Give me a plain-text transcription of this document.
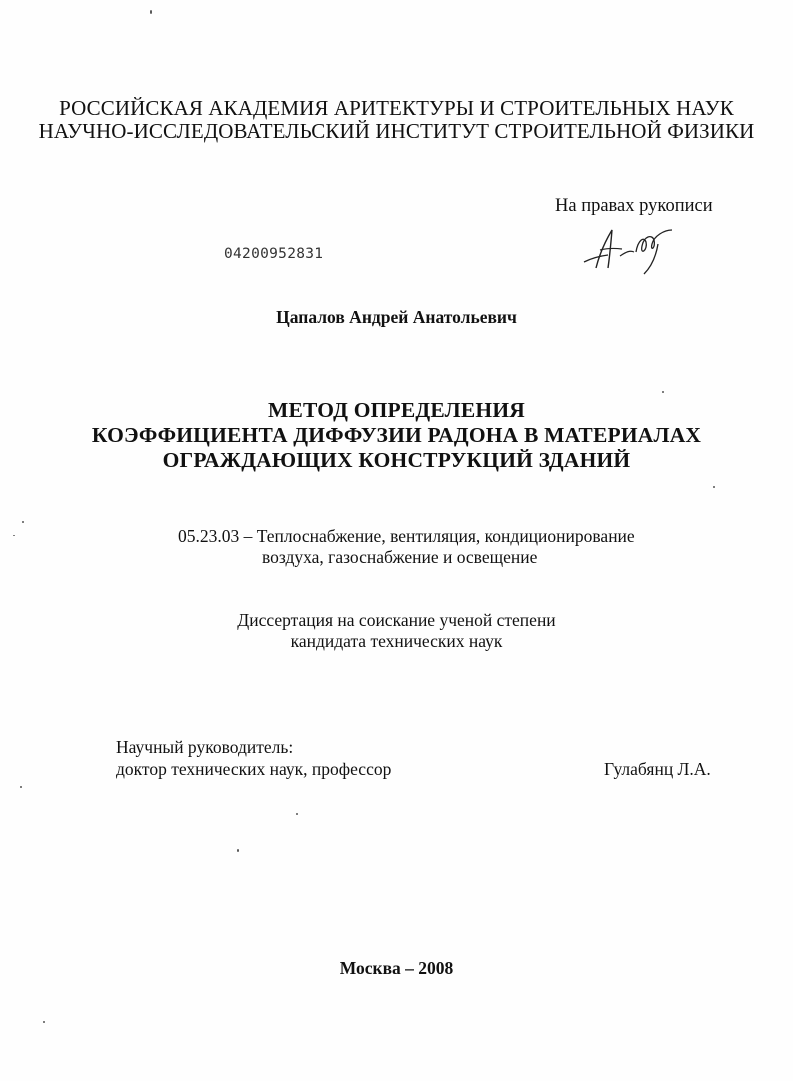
РОССИЙСКАЯ АКАДЕМИЯ АРИТЕКТУРЫ И СТРОИТЕЛЬНЫХ НАУК
НАУЧНО-ИССЛЕДОВАТЕЛЬСКИЙ ИНСТИТУТ СТРОИТЕЛЬНОЙ ФИЗИКИ
На правах рукописи
04200952831
Цапалов Андрей Анатольевич
МЕТОД ОПРЕДЕЛЕНИЯ
КОЭФФИЦИЕНТА ДИФФУЗИИ РАДОНА В МАТЕРИАЛАХ
ОГРАЖДАЮЩИХ КОНСТРУКЦИЙ ЗДАНИЙ
05.23.03 – Теплоснабжение, вентиляция, кондиционирование
воздуха, газоснабжение и освещение
Диссертация на соискание ученой степени
кандидата технических наук
Научный руководитель:
доктор технических наук, профессор	Гулабянц Л.А.
Москва – 2008
